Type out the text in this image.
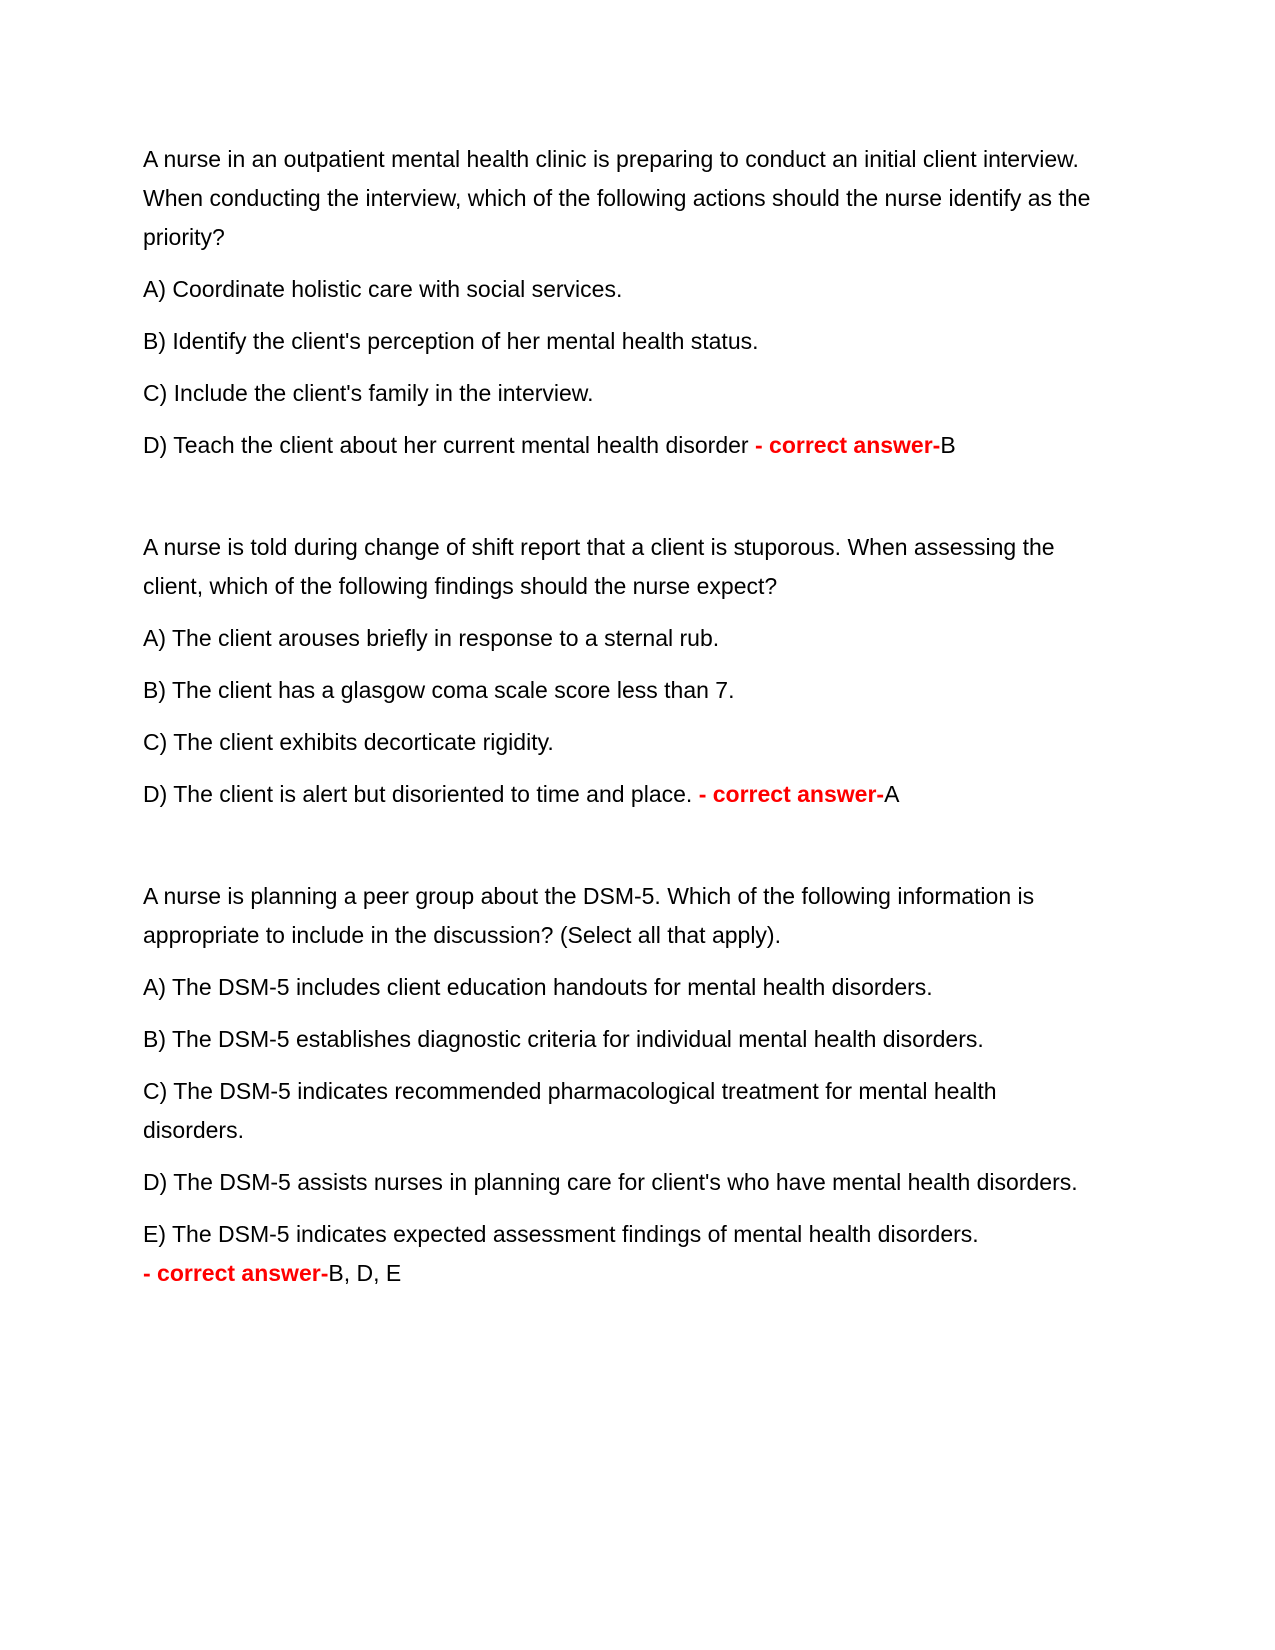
A nurse in an outpatient mental health clinic is preparing to conduct an initial client interview. When conducting the interview, which of the following actions should the nurse identify as the priority?

A) Coordinate holistic care with social services.

B) Identify the client's perception of her mental health status.

C) Include the client's family in the interview.

D) Teach the client about her current mental health disorder - correct answer-B

A nurse is told during change of shift report that a client is stuporous. When assessing the client, which of the following findings should the nurse expect?

A) The client arouses briefly in response to a sternal rub.

B) The client has a glasgow coma scale score less than 7.

C) The client exhibits decorticate rigidity.

D) The client is alert but disoriented to time and place. - correct answer-A

A nurse is planning a peer group about the DSM-5. Which of the following information is appropriate to include in the discussion? (Select all that apply).

A) The DSM-5 includes client education handouts for mental health disorders.

B) The DSM-5 establishes diagnostic criteria for individual mental health disorders.

C) The DSM-5 indicates recommended pharmacological treatment for mental health disorders.

D) The DSM-5 assists nurses in planning care for client's who have mental health disorders.

E) The DSM-5 indicates expected assessment findings of mental health disorders. - correct answer-B, D, E
